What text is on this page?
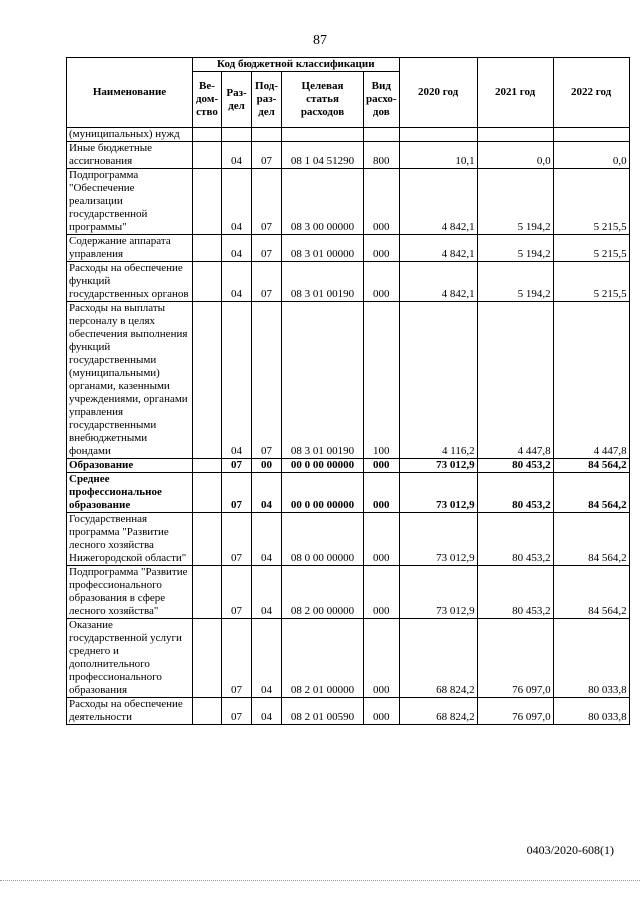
87
Наименование	Код бюджетной классификации					2020 год	2021 год	2022 год
	Ве-дом-ство	Раз-дел	Под-раз-дел	Целевая статья расходов	Вид расхо-дов			
(муниципальных) нужд								
Иные бюджетные ассигнования		04	07	08 1 04 51290	800	10,1	0,0	0,0
Подпрограмма "Обеспечение реализации государственной программы"		04	07	08 3 00 00000	000	4 842,1	5 194,2	5 215,5
Содержание аппарата управления		04	07	08 3 01 00000	000	4 842,1	5 194,2	5 215,5
Расходы на обеспечение функций государственных органов		04	07	08 3 01 00190	000	4 842,1	5 194,2	5 215,5
Расходы на выплаты персоналу в целях обеспечения выполнения функций государственными (муниципальными) органами, казенными учреждениями, органами управления государственными внебюджетными фондами		04	07	08 3 01 00190	100	4 116,2	4 447,8	4 447,8
Образование		07	00	00 0 00 00000	000	73 012,9	80 453,2	84 564,2
Среднее профессиональное образование		07	04	00 0 00 00000	000	73 012,9	80 453,2	84 564,2
Государственная программа "Развитие лесного хозяйства Нижегородской области"		07	04	08 0 00 00000	000	73 012,9	80 453,2	84 564,2
Подпрограмма "Развитие профессионального образования в сфере лесного хозяйства"		07	04	08 2 00 00000	000	73 012,9	80 453,2	84 564,2
Оказание государственной услуги среднего и дополнительного профессионального образования		07	04	08 2 01 00000	000	68 824,2	76 097,0	80 033,8
Расходы на обеспечение деятельности		07	04	08 2 01 00590	000	68 824,2	76 097,0	80 033,8
0403/2020-608(1)
